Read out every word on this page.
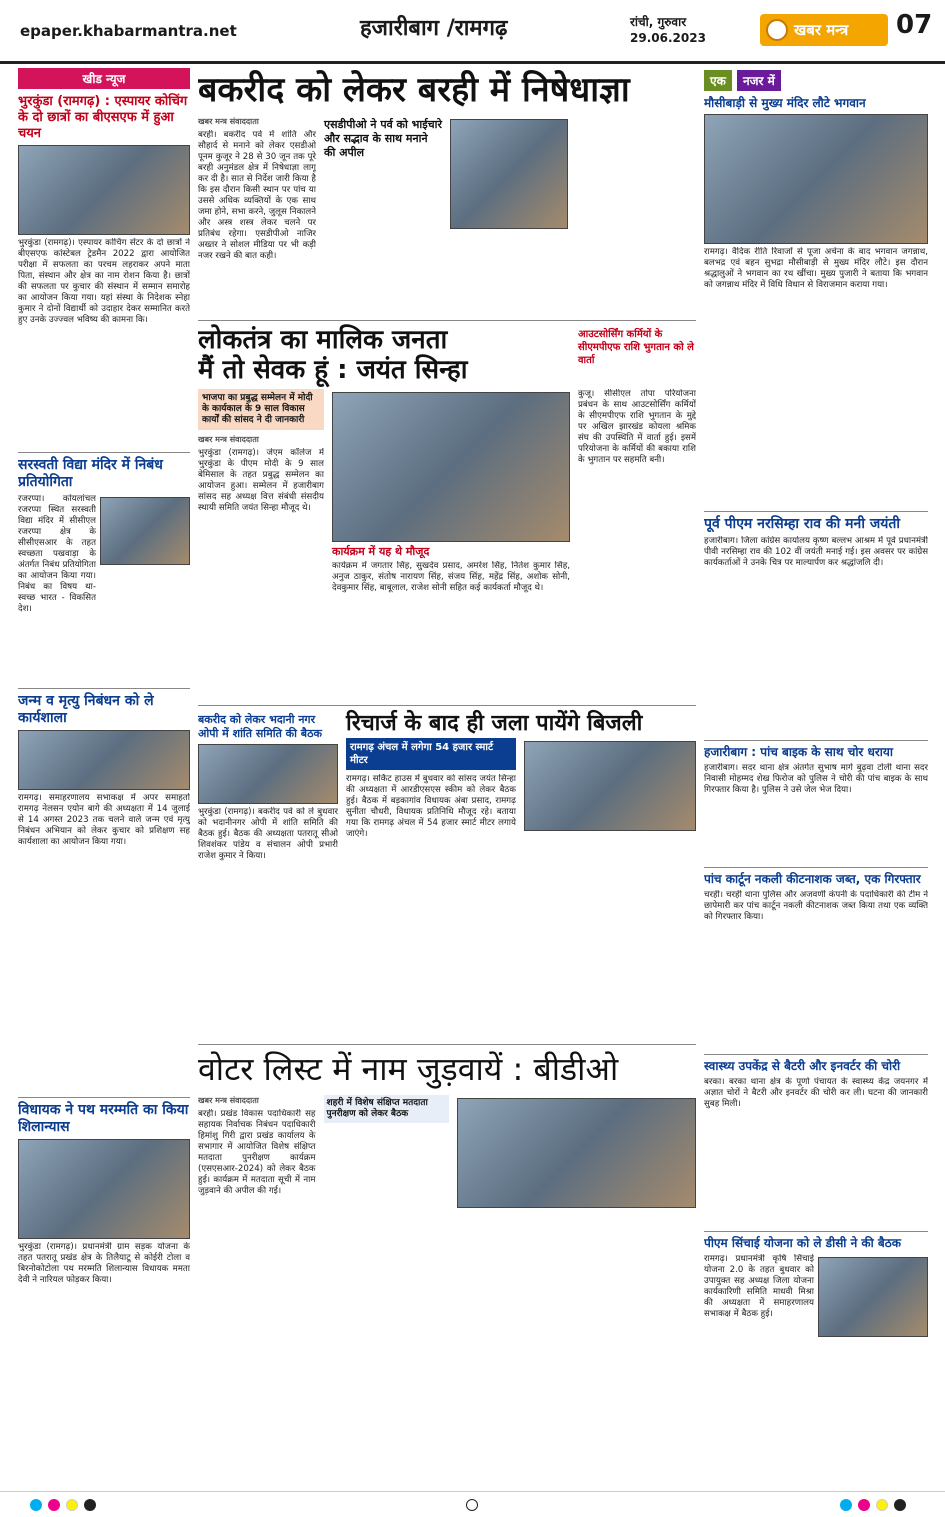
epaper.khabarmantra.net	हजारीबाग /रामगढ़	रांची, गुरुवार
29.06.2023	खबर मन्त्र	07
खीड न्यूज
भुरकुंडा (रामगढ़) : एस्पायर कोचिंग के दो छात्रों का बीएसएफ में हुआ चयन
भुरकुंडा (रामगढ़)। एस्पायर कोचिंग सेंटर के दो छात्रों ने बीएसएफ कांस्टेबल ट्रेडमैन 2022 द्वारा आयोजित परीक्षा में सफलता का परचम लहराकर अपने माता पिता, संस्थान और क्षेत्र का नाम रोशन किया है। छात्रों की सफलता पर कुचार की संस्थान में सम्मान समारोह का आयोजन किया गया। यहां संस्था के निदेशक स्नेहा कुमार ने दोनों विद्यार्थी को उदाहार देकर सम्मानित करते हुए उनके उज्ज्वल भविष्य की कामना कि।
सरस्वती विद्या मंदिर में निबंध प्रतियोगिता
रजरप्पा। कोयलांचल रजरप्पा स्थित सरस्वती विद्या मंदिर में सीसीएल रजरप्पा क्षेत्र के सीसीएसआर के तहत स्वच्छता पखवाड़ा के अंतर्गत निबंध प्रतियोगिता का आयोजन किया गया। निबंध का विषय था- स्वच्छ भारत - विकसित देश।
जन्म व मृत्यु निबंधन को ले कार्यशाला
रामगढ़। समाहरणालय सभाकक्ष में अपर समाहर्ता रामगढ़ नेलसन एयोन बागे की अध्यक्षता में 14 जुलाई से 14 अगस्त 2023 तक चलने वाले जन्म एवं मृत्यु निबंधन अभियान को लेकर कुचार को प्रशिक्षण सह कार्यशाला का आयोजन किया गया।
विधायक ने पथ मरम्मति का किया शिलान्यास
भुरकुंडा (रामगढ़)। प्रधानमंत्री ग्राम सड़क योजना के तहत पतरातू प्रखंड क्षेत्र के तिलैयाटू से कोईरी टोला व बिरनोकोटोला पथ मरम्मति शिलान्यास विधायक ममता देवी ने नारियल फोड़कर किया।
बकरीद को लेकर बरही में निषेधाज्ञा
खबर मन्त्र संवाददाता
बरही। बकरीद पर्व में शांति और सौहार्द से मनाने को लेकर एसडीओ पूनम कुजूर ने 28 से 30 जून तक पूरे बरही अनुमंडल क्षेत्र में निषेधाज्ञा लागू कर दी है। सात से निर्देश जारी किया है कि इस दौरान किसी स्थान पर पांच या उससे अधिक व्यक्तियों के एक साथ जमा होने, सभा करने, जुलूस निकालने और अस्त्र शस्त्र लेकर चलने पर प्रतिबंध रहेगा। एसडीपीओ नाजिर अख्तर ने सोशल मीडिया पर भी कड़ी नजर रखने की बात कही।
एसडीपीओ ने पर्व को भाईचारे और सद्भाव के साथ मनाने की अपील
लोकतंत्र का मालिक जनता
मैं तो सेवक हूं : जयंत सिन्हा
आउटसोर्सिंग कर्मियों के सीएमपीएफ राशि भुगतान को ले वार्ता
भाजपा का प्रबुद्ध सम्मेलन में मोदी के कार्यकाल के 9 साल विकास कार्यों की सांसद ने दी जानकारी
खबर मन्त्र संवाददाता
भुरकुंडा (रामगढ़)। जेएम कॉलेज में भुरकुंडा के पीएम मोदी के 9 साल बेमिसाल के तहत प्रबुद्ध सम्मेलन का आयोजन हुआ। सम्मेलन में हजारीबाग सांसद सह अध्यक्ष वित्त संबंधी संसदीय स्थायी समिति जयंत सिन्हा मौजूद थे।
कार्यक्रम में यह थे मौजूद
कार्यक्रम में जगतार सिंह, सुखदेव प्रसाद, अमरेश सिंह, नितेश कुमार सिंह, अनुज ठाकुर, संतोष नारायण सिंह, संजय सिंह, महेंद्र सिंह, अशोक सोनी, देवकुमार सिंह, बाबूलाल, राजेश सोनी सहित कई कार्यकर्ता मौजूद थे।
कुजू। सीसीएल तोपा परियोजना प्रबंधन के साथ आउटसोर्सिंग कर्मियों के सीएमपीएफ राशि भुगतान के मुद्दे पर अखिल झारखंड कोयला श्रमिक संघ की उपस्थिति में वार्ता हुई। इसमें परियोजना के कर्मियों की बकाया राशि के भुगतान पर सहमति बनी।
बकरीद को लेकर भदानी नगर ओपी में शांति समिति की बैठक
भुरकुंडा (रामगढ़)। बकरीद पर्व को ले बुधवार को भदानीनगर ओपी में शांति समिति की बैठक हुई। बैठक की अध्यक्षता पतरातू सीओ शिवशंकर पांडेय व संचालन ओपी प्रभारी राजेश कुमार ने किया।
रिचार्ज के बाद ही जला पायेंगे बिजली
रामगढ़ अंचल में लगेगा 54 हजार स्मार्ट मीटर
रामगढ़। सर्किट हाउस में बुधवार को सांसद जयंत सिन्हा की अध्यक्षता में आरडीएसएस स्कीम को लेकर बैठक हुई। बैठक में बड़कागांव विधायक अंबा प्रसाद, रामगढ़ सुनीता चौधरी, विधायक प्रतिनिधि मौजूद रहे। बताया गया कि रामगढ़ अंचल में 54 हजार स्मार्ट मीटर लगाये जाएंगे।
वोटर लिस्ट में नाम जुड़वायें : बीडीओ
खबर मन्त्र संवाददाता
बरही। प्रखंड विकास पदाधिकारी सह सहायक निर्वाचक निबंधन पदाधिकारी हिमांशु गिरी द्वारा प्रखंड कार्यालय के सभागार में आयोजित विशेष संक्षिप्त मतदाता पुनरीक्षण कार्यक्रम (एसएसआर-2024) को लेकर बैठक हुई। कार्यक्रम में मतदाता सूची में नाम जुड़वाने की अपील की गई।
शहरी में विशेष संक्षिप्त मतदाता पुनरीक्षण को लेकर बैठक
एक नजर में
मौसीबाड़ी से मुख्य मंदिर लौटे भगवान
रामगढ़। वैदिक रीति रिवाजों से पूजा अर्चना के बाद भगवान जगन्नाथ, बलभद्र एवं बहन सुभद्रा मौसीबाड़ी से मुख्य मंदिर लौटे। इस दौरान श्रद्धालुओं ने भगवान का रथ खींचा। मुख्य पुजारी ने बताया कि भगवान को जगन्नाथ मंदिर में विधि विधान से विराजमान कराया गया।
पूर्व पीएम नरसिम्हा राव की मनी जयंती
हजारीबाग। जिला कांग्रेस कार्यालय कृष्ण बल्लभ आश्रम में पूर्व प्रधानमंत्री पीवी नरसिम्हा राव की 102 वीं जयंती मनाई गई। इस अवसर पर कांग्रेस कार्यकर्ताओं ने उनके चित्र पर माल्यार्पण कर श्रद्धांजलि दी।
हजारीबाग : पांच बाइक के साथ चोर धराया
हजारीबाग। सदर थाना क्षेत्र अंतर्गत सुभाष मार्ग बुढ़वा टोली थाना सदर निवासी मोहम्मद शेख फिरोज को पुलिस ने चोरी की पांच बाइक के साथ गिरफ्तार किया है। पुलिस ने उसे जेल भेज दिया।
पांच कार्टून नकली कीटनाशक जब्त, एक गिरफ्तार
चरही। चरही थाना पुलिस और अजवर्णी कंपनी के पदाधिकारी की टीम ने छापेमारी कर पांच कार्टून नकली कीटनाशक जब्त किया तथा एक व्यक्ति को गिरफ्तार किया।
स्वास्थ्य उपकेंद्र से बैटरी और इनवर्टर की चोरी
बरका। बरका थाना क्षेत्र के पूर्णा पंचायत के स्वास्थ्य केंद्र जयनगर में अज्ञात चोरों ने बैटरी और इनवर्टर की चोरी कर ली। घटना की जानकारी सुबह मिली।
पीएम सिंचाई योजना को ले डीसी ने की बैठक
रामगढ़। प्रधानमंत्री कृषि सिंचाई योजना 2.0 के तहत बुधवार को उपायुक्त सह अध्यक्ष जिला योजना कार्यकारिणी समिति माधवी मिश्रा की अध्यक्षता में समाहरणालय सभाकक्ष में बैठक हुई।
